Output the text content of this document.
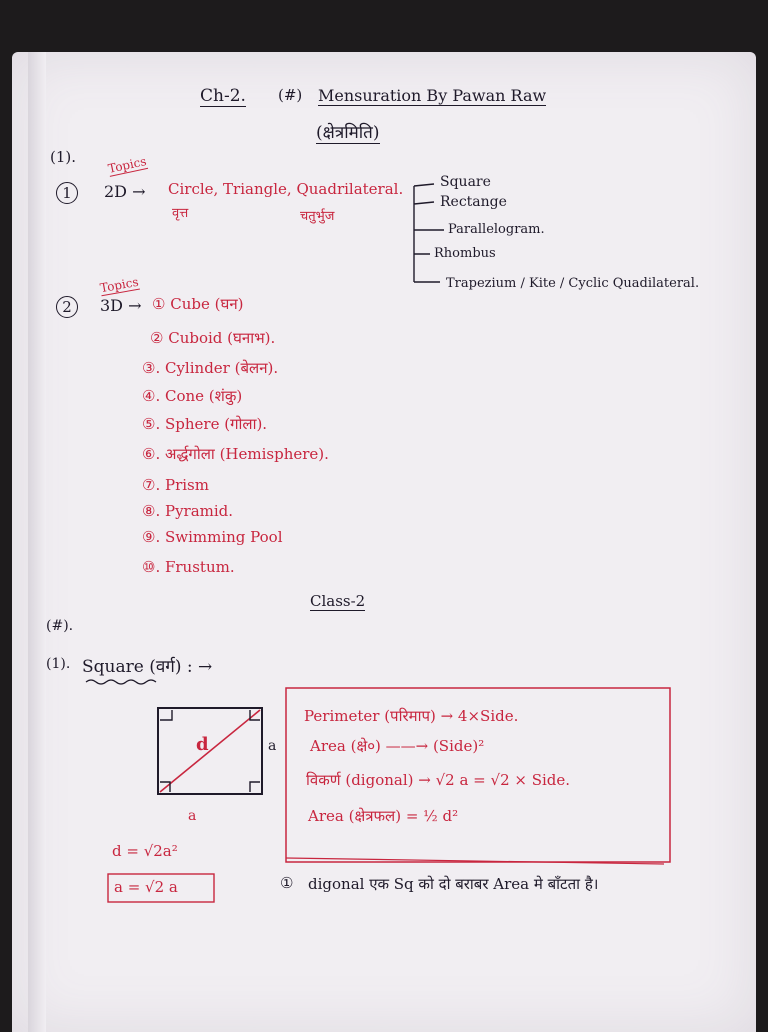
Ch-2. (#) Mensuration By Pawan Raw
(क्षेत्रमिति)
(1).	Topics
1	2D → Circle, Triangle, Quadrilateral.
वृत्त	चतुर्भुज
Square
Rectange
Parallelogram.
Rhombus
Trapezium / Kite / Cyclic Quadilateral.
Topics
2	3D → ① Cube (घन)
② Cuboid (घनाभ).
③. Cylinder (बेलन).
④. Cone (शंकु)
⑤. Sphere (गोला).
⑥. अर्द्धगोला (Hemisphere).
⑦. Prism
⑧. Pyramid.
⑨. Swimming Pool
⑩. Frustum.
Class-2
(#).
(1). Square (वर्ग) : →
d	a
a
Perimeter (परिमाप) → 4×Side.
Area (क्षे०) ——→ (Side)²
विकर्ण (digonal) → √2 a = √2 × Side.
Area (क्षेत्रफल) = ½ d²
d = √2a²
a = √2 a	① digonal एक Sq को दो बराबर Area मे बाँटता है।
